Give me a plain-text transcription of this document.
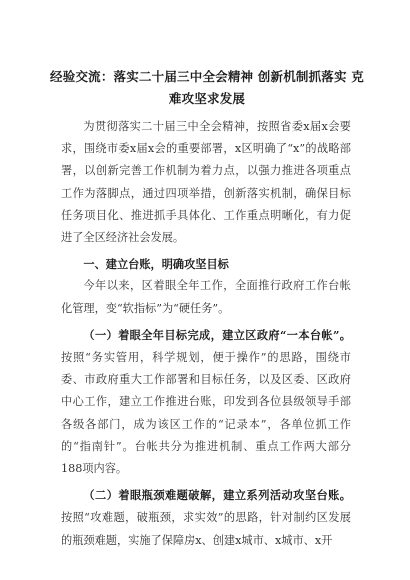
经验交流：落实二十届三中全会精神 创新机制抓落实 克难攻坚求发展

为贯彻落实二十届三中全会精神，按照省委x届x会要求，围绕市委x届x会的重要部署，x区明确了“x”的战略部署，以创新完善工作机制为着力点，以强力推进各项重点工作为落脚点，通过四项举措，创新落实机制，确保目标任务项目化、推进抓手具体化、工作重点明晰化，有力促进了全区经济社会发展。

一、建立台账，明确攻坚目标

今年以来，区着眼全年工作，全面推行政府工作台帐化管理，变“软指标”为“硬任务”。

（一）着眼全年目标完成，建立区政府“一本台帐”。按照“务实管用，科学规划，便于操作”的思路，围绕市委、市政府重大工作部署和目标任务，以及区委、区政府中心工作，建立工作推进台账，印发到各位县级领导手部各级各部门，成为该区工作的“记录本”，各单位抓工作的“指南针”。台帐共分为推进机制、重点工作两大部分188项内容。

（二）着眼瓶颈难题破解，建立系列活动攻坚台账。按照“攻难题，破瓶颈，求实效”的思路，针对制约区发展的瓶颈难题，实施了保障房x、创建x城市、x城市、x开
